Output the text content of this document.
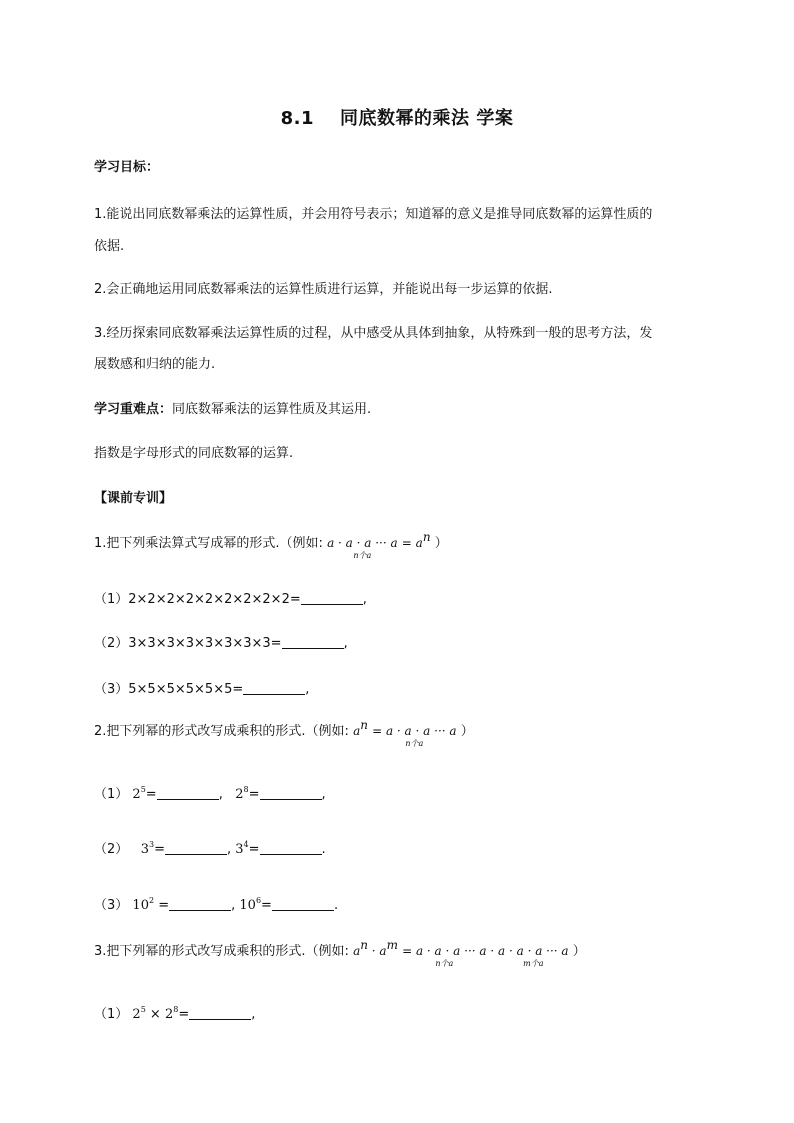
8.1 同底数幂的乘法 学案
学习目标：
1.能说出同底数幂乘法的运算性质，并会用符号表示；知道幂的意义是推导同底数幂的运算性质的
依据.
2.会正确地运用同底数幂乘法的运算性质进行运算，并能说出每一步运算的依据.
3.经历探索同底数幂乘法运算性质的过程，从中感受从具体到抽象，从特殊到一般的思考方法，发
展数感和归纳的能力.
学习重难点：同底数幂乘法的运算性质及其运用.
指数是字母形式的同底数幂的运算.
【课前专训】
1.把下列乘法算式写成幂的形式.（例如: a · a · a ··· a
n个a
= $a^n$ ）
（1）2×2×2×2×2×2×2×2×2=	,
（2）3×3×3×3×3×3×3×3=	,
（3）5×5×5×5×5×5=	,
2.把下列幂的形式改写成乘积的形式.（例如: $a^n = a \cdot a \cdot a$ ··· a
n个a
）
（1） $2^5=$	, $2^8=$	,
（2） $3^3=$	, $3^4=$	.
（3） $10^2$ =	, $10^6=$	.
3.把下列幂的形式改写成乘积的形式.（例如: $a^n \cdot a^m = a \cdot a \cdot a$ ··· a
n个a
· a · a · a ··· a
m个a
）
（1） $2^5 \times 2^8=$	,
